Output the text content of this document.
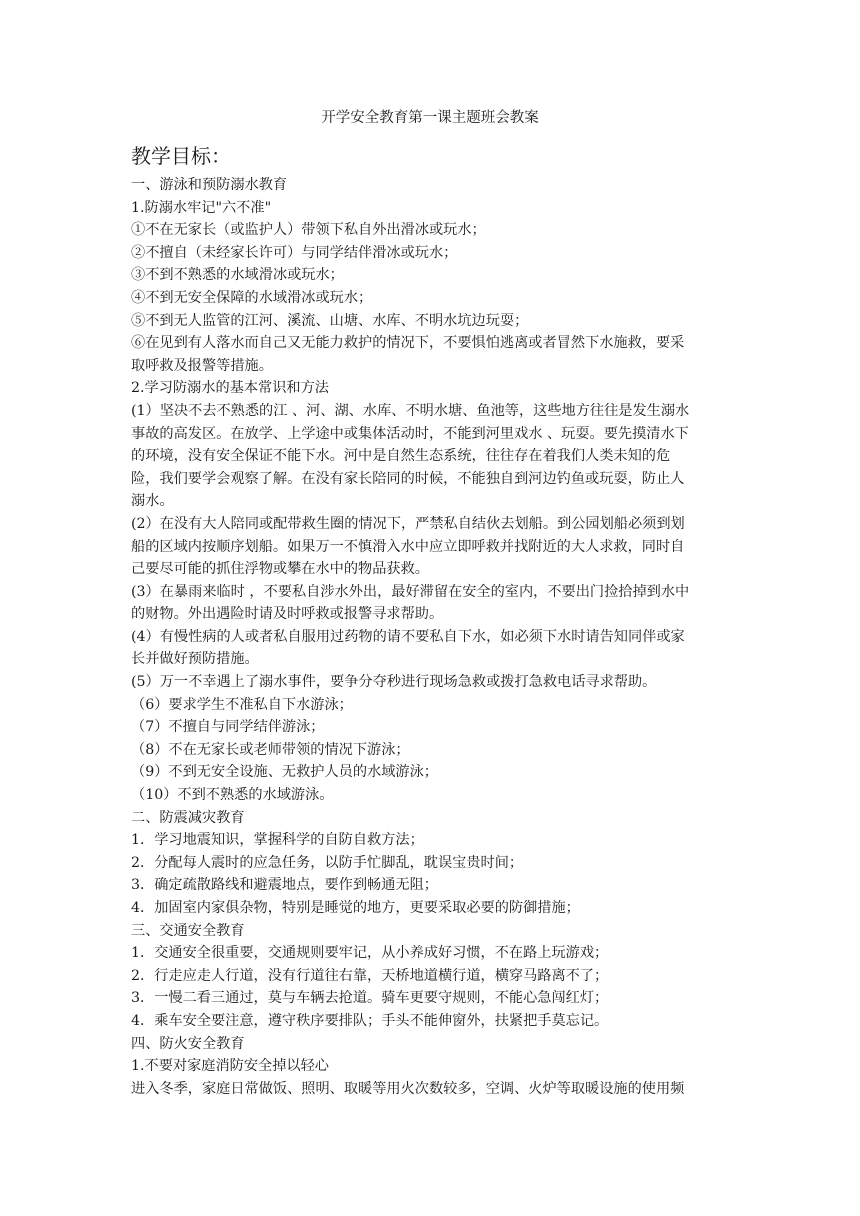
开学安全教育第一课主题班会教案
教学目标：
一、游泳和预防溺水教育
1.防溺水牢记"六不准"
①不在无家长（或监护人）带领下私自外出滑冰或玩水；
②不擅自（未经家长许可）与同学结伴滑冰或玩水；
③不到不熟悉的水域滑冰或玩水；
④不到无安全保障的水域滑冰或玩水；
⑤不到无人监管的江河、溪流、山塘、水库、不明水坑边玩耍；
⑥在见到有人落水而自己又无能力救护的情况下，不要惧怕逃离或者冒然下水施救，要采
取呼救及报警等措施。
2.学习防溺水的基本常识和方法
(1）坚决不去不熟悉的江 、河、湖、水库、不明水塘、鱼池等，这些地方往往是发生溺水
事故的高发区。在放学、上学途中或集体活动时，不能到河里戏水 、玩耍。要先摸清水下
的环境，没有安全保证不能下水。河中是自然生态系统，往往存在着我们人类未知的危
险，我们要学会观察了解。在没有家长陪同的时候，不能独自到河边钓鱼或玩耍，防止人
溺水。
(2）在没有大人陪同或配带救生圈的情况下，严禁私自结伙去划船。到公园划船必须到划
船的区域内按顺序划船。如果万一不慎滑入水中应立即呼救并找附近的大人求救，同时自
己要尽可能的抓住浮物或攀在水中的物品获救。
(3）在暴雨来临时 ，不要私自涉水外出，最好滞留在安全的室内，不要出门捡拾掉到水中
的财物。外出遇险时请及时呼救或报警寻求帮助。
(4）有慢性病的人或者私自服用过药物的请不要私自下水，如必须下水时请告知同伴或家
长并做好预防措施。
(5）万一不幸遇上了溺水事件，要争分夺秒进行现场急救或拨打急救电话寻求帮助。
（6）要求学生不准私自下水游泳；
（7）不擅自与同学结伴游泳；
（8）不在无家长或老师带领的情况下游泳；
（9）不到无安全设施、无救护人员的水域游泳；
（10）不到不熟悉的水域游泳。
二、防震减灾教育
1．学习地震知识，掌握科学的自防自救方法；
2．分配每人震时的应急任务，以防手忙脚乱，耽误宝贵时间；
3．确定疏散路线和避震地点，要作到畅通无阻；
4．加固室内家俱杂物，特别是睡觉的地方，更要采取必要的防御措施；
三、交通安全教育
1．交通安全很重要，交通规则要牢记，从小养成好习惯，不在路上玩游戏；
2．行走应走人行道，没有行道往右靠，天桥地道横行道，横穿马路离不了；
3．一慢二看三通过，莫与车辆去抢道。骑车更要守规则，不能心急闯红灯；
4．乘车安全要注意，遵守秩序要排队；手头不能伸窗外，扶紧把手莫忘记。
四、防火安全教育
1.不要对家庭消防安全掉以轻心
进入冬季，家庭日常做饭、照明、取暖等用火次数较多，空调、火炉等取暖设施的使用频
